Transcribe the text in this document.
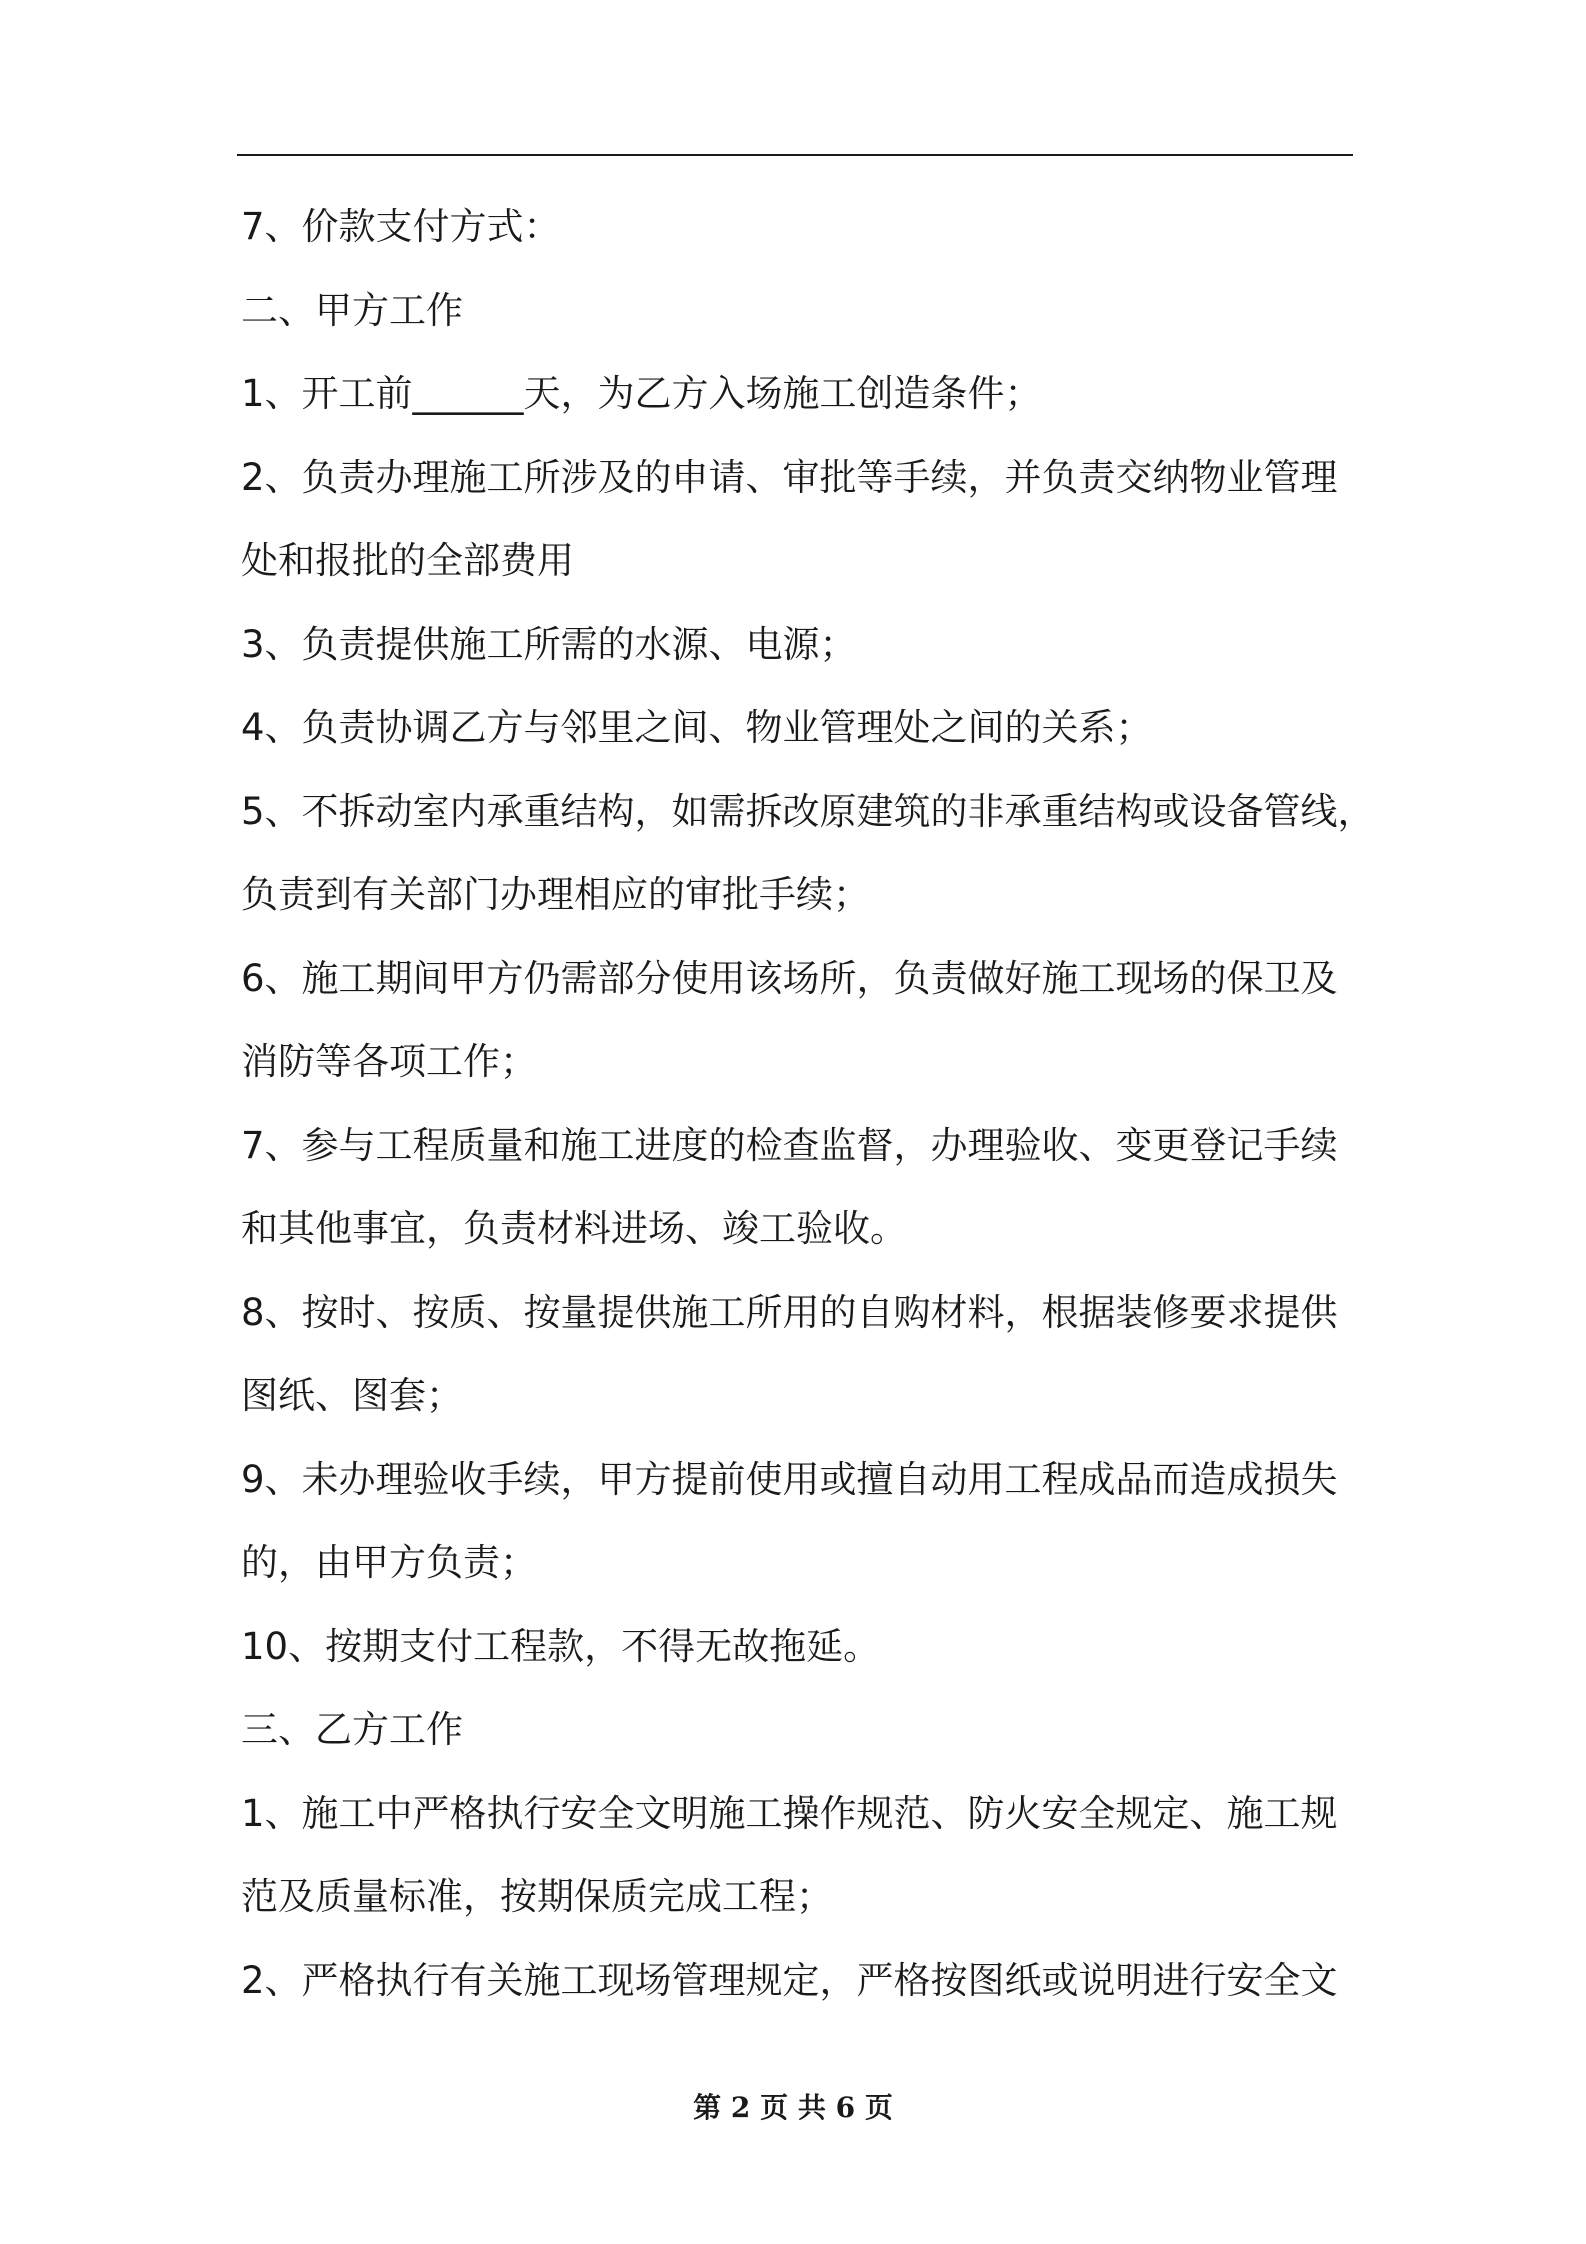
7、价款支付方式：
二、甲方工作
1、开工前______天，为乙方入场施工创造条件；
2、负责办理施工所涉及的申请、审批等手续，并负责交纳物业管理
处和报批的全部费用
3、负责提供施工所需的水源、电源；
4、负责协调乙方与邻里之间、物业管理处之间的关系；
5、不拆动室内承重结构，如需拆改原建筑的非承重结构或设备管线，
负责到有关部门办理相应的审批手续；
6、施工期间甲方仍需部分使用该场所，负责做好施工现场的保卫及
消防等各项工作；
7、参与工程质量和施工进度的检查监督，办理验收、变更登记手续
和其他事宜，负责材料进场、竣工验收。
8、按时、按质、按量提供施工所用的自购材料，根据装修要求提供
图纸、图套；
9、未办理验收手续，甲方提前使用或擅自动用工程成品而造成损失
的，由甲方负责；
10、按期支付工程款，不得无故拖延。
三、乙方工作
1、施工中严格执行安全文明施工操作规范、防火安全规定、施工规
范及质量标准，按期保质完成工程；
2、严格执行有关施工现场管理规定，严格按图纸或说明进行安全文
第 2 页 共 6 页
